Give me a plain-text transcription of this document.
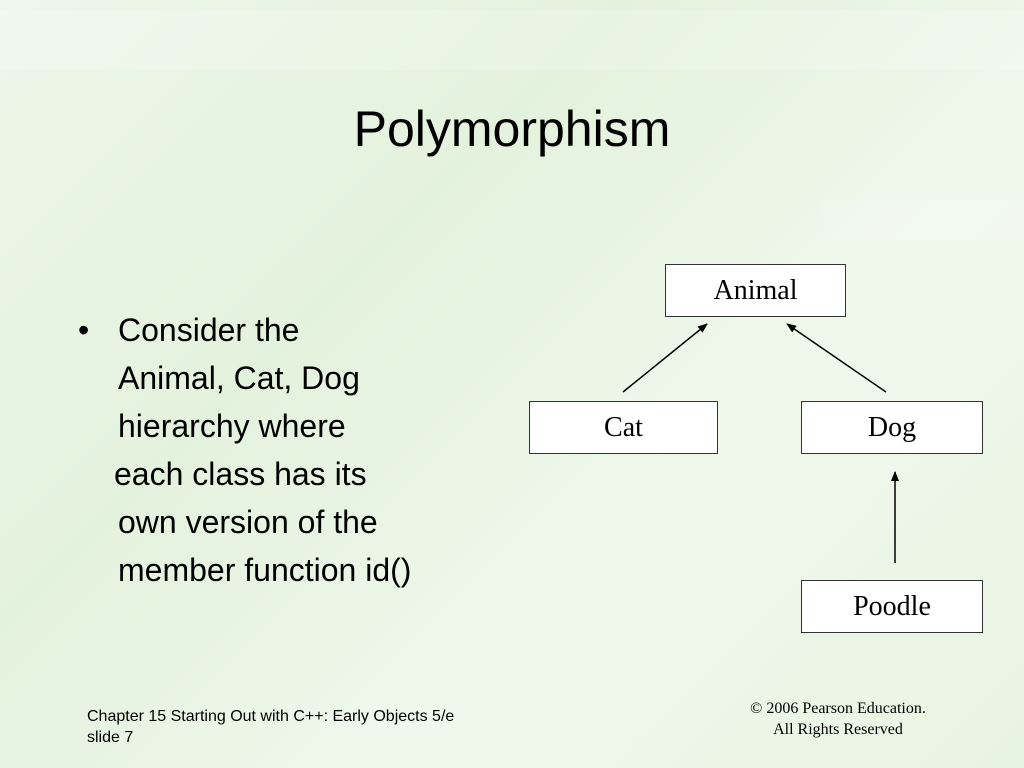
Polymorphism
• Consider the
Animal, Cat, Dog
hierarchy where
each class has its
own version of the
member function id()
Animal
Cat	Dog
Poodle
Chapter 15 Starting Out with C++: Early Objects 5/e
slide 7
© 2006 Pearson Education.
All Rights Reserved
